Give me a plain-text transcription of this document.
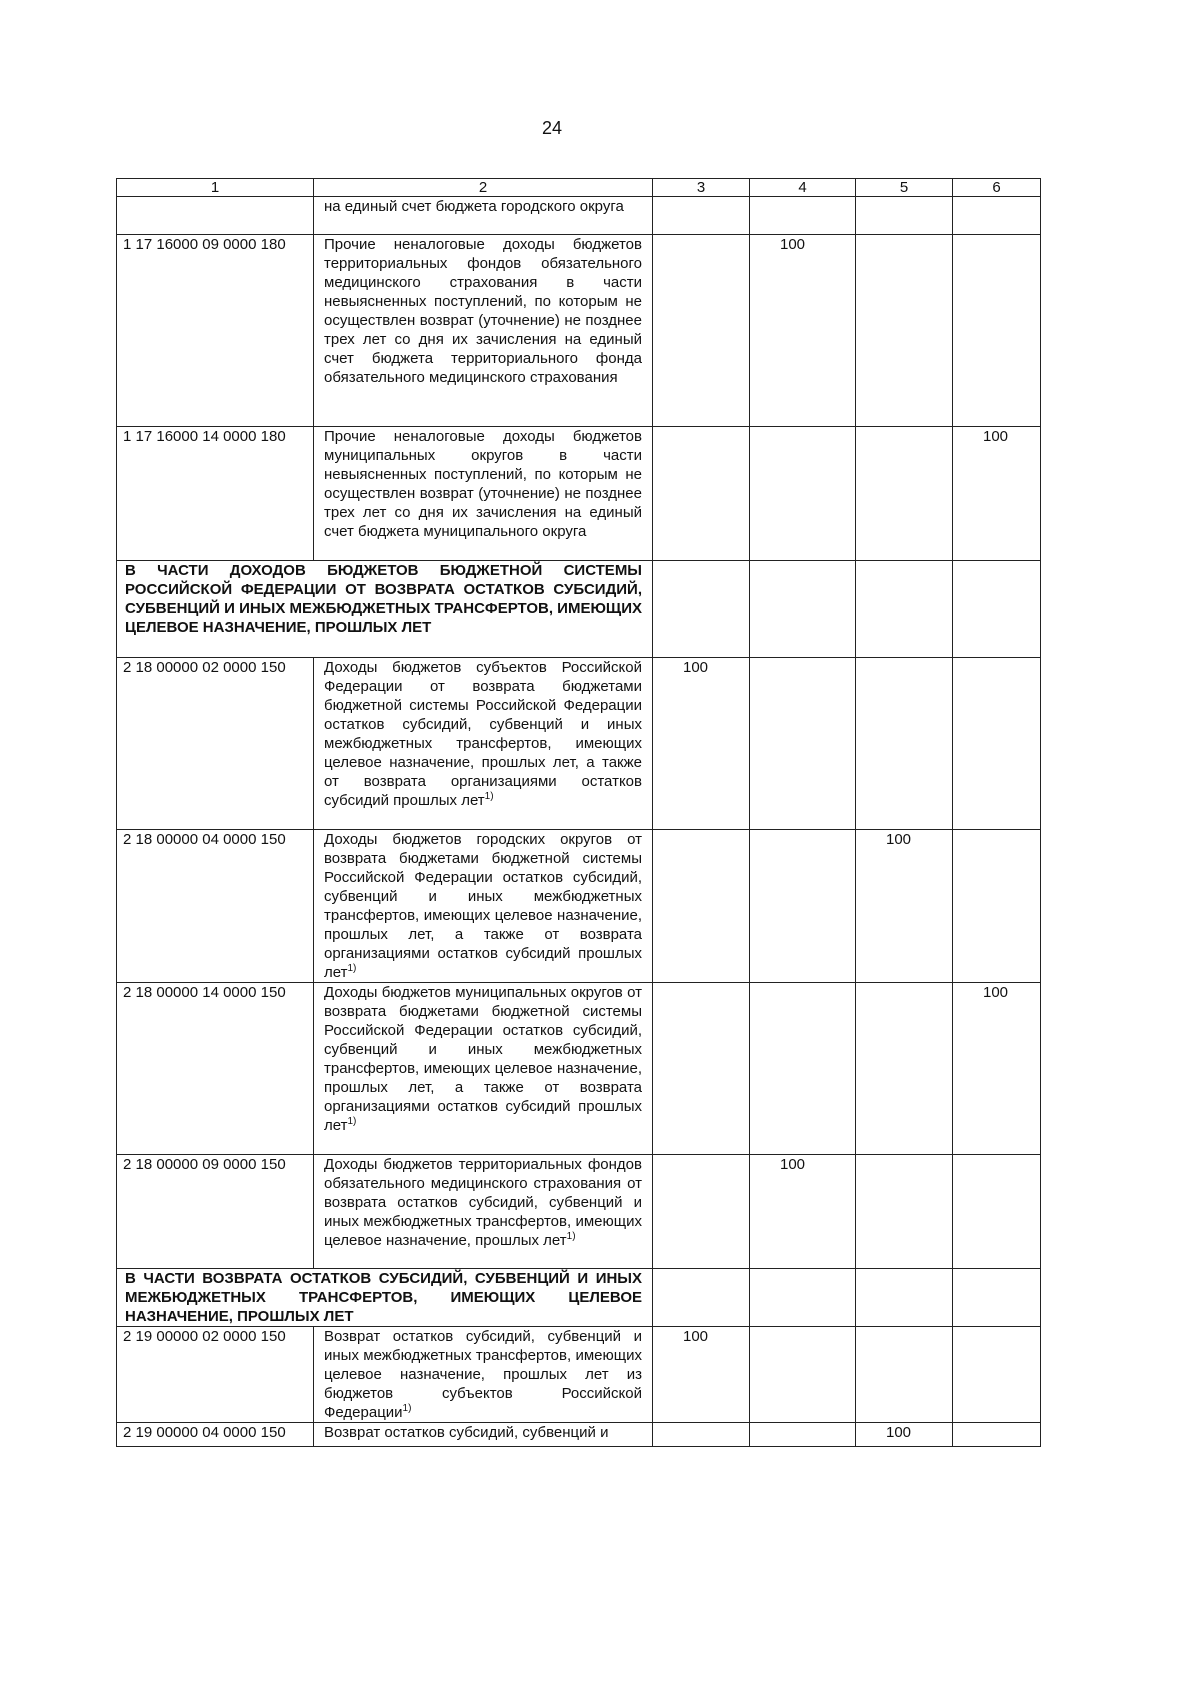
24
1	2	3	4	5	6
	на единый счет бюджета городского округа				
1 17 16000 09 0000 180	Прочие неналоговые доходы бюджетов территориальных фондов обязательного медицинского страхования в части невыясненных поступлений, по которым не осуществлен возврат (уточнение) не позднее трех лет со дня их зачисления на единый счет бюджета территориального фонда обязательного медицинского страхования		100		
1 17 16000 14 0000 180	Прочие неналоговые доходы бюджетов муниципальных округов в части невыясненных поступлений, по которым не осуществлен возврат (уточнение) не позднее трех лет со дня их зачисления на единый счет бюджета муниципального округа				100
В ЧАСТИ ДОХОДОВ БЮДЖЕТОВ БЮДЖЕТНОЙ СИСТЕМЫ РОССИЙСКОЙ ФЕДЕРАЦИИ ОТ ВОЗВРАТА ОСТАТКОВ СУБСИДИЙ, СУБВЕНЦИЙ И ИНЫХ МЕЖБЮДЖЕТНЫХ ТРАНСФЕРТОВ, ИМЕЮЩИХ ЦЕЛЕВОЕ НАЗНАЧЕНИЕ, ПРОШЛЫХ ЛЕТ					
2 18 00000 02 0000 150	Доходы бюджетов субъектов Российской Федерации от возврата бюджетами бюджетной системы Российской Федерации остатков субсидий, субвенций и иных межбюджетных трансфертов, имеющих целевое назначение, прошлых лет, а также от возврата организациями остатков субсидий прошлых лет$^{1)}$	100			
2 18 00000 04 0000 150	Доходы бюджетов городских округов от возврата бюджетами бюджетной системы Российской Федерации остатков субсидий, субвенций и иных межбюджетных трансфертов, имеющих целевое назначение, прошлых лет, а также от возврата организациями остатков субсидий прошлых лет$^{1)}$			100	
2 18 00000 14 0000 150	Доходы бюджетов муниципальных округов от возврата бюджетами бюджетной системы Российской Федерации остатков субсидий, субвенций и иных межбюджетных трансфертов, имеющих целевое назначение, прошлых лет, а также от возврата организациями остатков субсидий прошлых лет$^{1)}$				100
2 18 00000 09 0000 150	Доходы бюджетов территориальных фондов обязательного медицинского страхования от возврата остатков субсидий, субвенций и иных межбюджетных трансфертов, имеющих целевое назначение, прошлых лет$^{1)}$		100		
В ЧАСТИ ВОЗВРАТА ОСТАТКОВ СУБСИДИЙ, СУБВЕНЦИЙ И ИНЫХ МЕЖБЮДЖЕТНЫХ ТРАНСФЕРТОВ, ИМЕЮЩИХ ЦЕЛЕВОЕ НАЗНАЧЕНИЕ, ПРОШЛЫХ ЛЕТ					
2 19 00000 02 0000 150	Возврат остатков субсидий, субвенций и иных межбюджетных трансфертов, имеющих целевое назначение, прошлых лет из бюджетов субъектов Российской Федерации$^{1)}$	100			
2 19 00000 04 0000 150	Возврат остатков субсидий, субвенций и			100	
